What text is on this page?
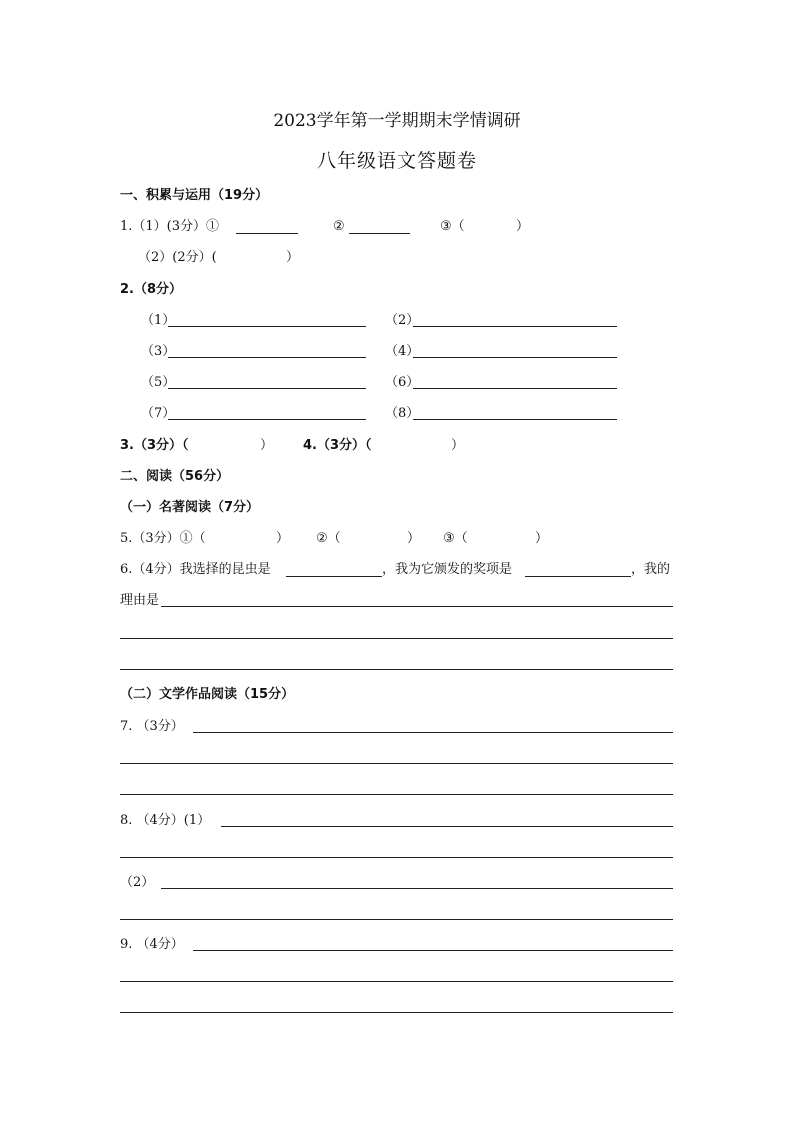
2023学年第一学期期末学情调研
八年级语文答题卷
一、积累与运用（19分）
1.（1）(3分）①	②	③（	）
（2）(2分）(	）
2.（8分）
（1）	（2）
（3）	（4）
（5）	（6）
（7）	（8）
3.（3分）（	） 4.（3分）（	）
二、阅读（56分）
（一）名著阅读（7分）
5.（3分）①（	） ②（	） ③（	）
6.（4分）我选择的昆虫是	，我为它颁发的奖项是	，我的
理由是
（二）文学作品阅读（15分）
7. （3分）
8. （4分）(1）
（2）
9. （4分）
